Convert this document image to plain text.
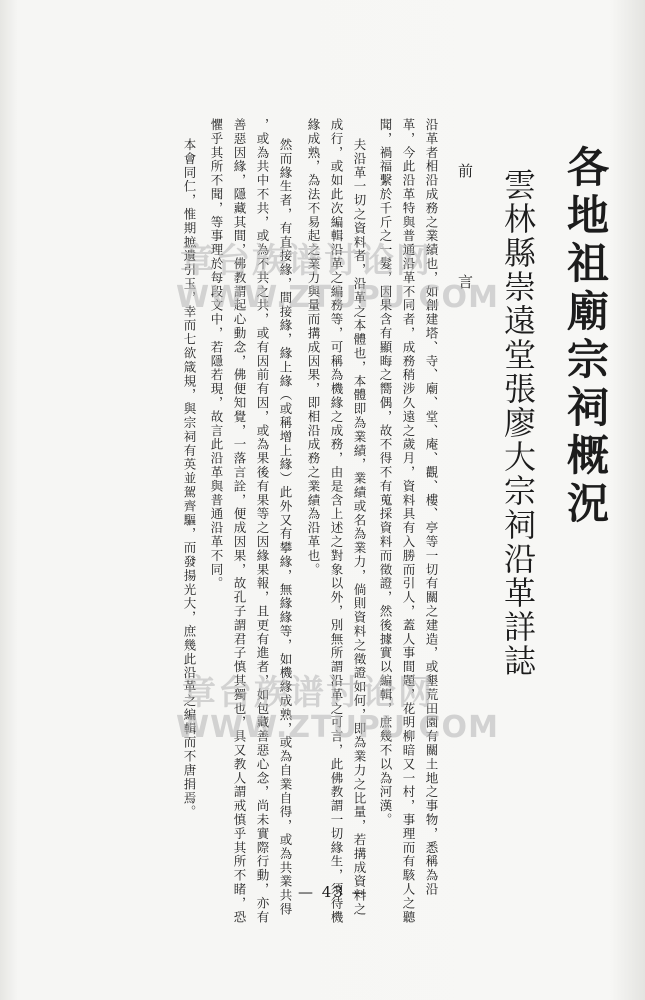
各地祖廟宗祠概況
雲林縣崇遠堂張廖大宗祠沿革詳誌
前　　言
沿革者相沿成務之業績也，如創建塔、寺、廟、堂、庵、觀、樓、亭等一切有關之建造，或墾荒田園有關土地之事物，悉稱為沿
革，今此沿革特與普通沿革不同者，成務稍涉久遠之歲月，資料具有入勝而引人，蓋人事間題，花明柳暗又一村，事理而有駭人之聽
聞，禍福繫於千斤之一髮，因果含有顯晦之嚮偶，故不得不有蒐採資料而徵證，然後據實以編輯，庶幾不以為河漢。
夫沿革一切之資料者，沿革之本體也，本體即為業績，業績或名為業力，倘則資料之徵證如何，即為業力之比量，若搆成資料之
成行，或如此次編輯沿革之編務等，可稱為機緣之成務，由是含上述之對象以外，別無所謂沿革之可言，此佛教謂一切緣生，須待機
緣成熟，為法不易起之業力與量而搆成因果，即相沿成務之業績為沿革也。
然而緣生者，有直接緣，間接緣，緣上緣（或稱增上緣）此外又有攀緣，無緣緣等，如機緣成熟，或為自業自得，或為共業共得
，或為共中不共，或為不共之共，或有因前有因，或為果後有果等之因緣果報，且更有進者，如包藏善惡心念，尚未實際行動，亦有
善惡因緣，隱藏其間，佛教謂起心動念，佛便知覺，一落言詮，便成因果，故孔子謂君子慎其獨也，具又教人謂戒慎乎其所不睹，恐
懼乎其所不聞，等事理於每段文中，若隱若現，故言此沿革與普通沿革不同。
本會同仁，惟期摭遺引玉，幸而七欲箴規，與宗祠有英並駕齊驅，而發揚光大，庶幾此沿革之編輯而不唐捐焉。
章台族谱讨论网
WWW.ZTUPU.COM
章台族谱讨论网
WWW.ZTUPU.COM
— 43 —
